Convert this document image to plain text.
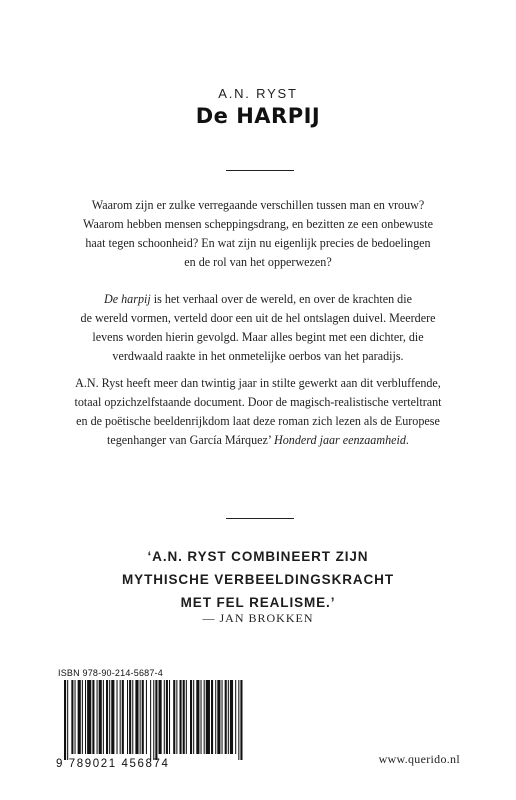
A.N. RYST
De HARPIJ

Waarom zijn er zulke verregaande verschillen tussen man en vrouw?
Waarom hebben mensen scheppingsdrang, en bezitten ze een onbewuste
haat tegen schoonheid? En wat zijn nu eigenlijk precies de bedoelingen
en de rol van het opperwezen?

De harpij is het verhaal over de wereld, en over de krachten die
de wereld vormen, verteld door een uit de hel ontslagen duivel. Meerdere
levens worden hierin gevolgd. Maar alles begint met een dichter, die
verdwaald raakte in het onmetelijke oerbos van het paradijs.

A.N. Ryst heeft meer dan twintig jaar in stilte gewerkt aan dit verbluffende,
totaal opzichzelfstaande document. Door de magisch-realistische verteltrant
en de poëtische beeldenrijkdom laat deze roman zich lezen als de Europese
tegenhanger van García Márquez’ Honderd jaar eenzaamheid.

‘A.N. RYST COMBINEERT ZIJN
MYTHISCHE VERBEELDINGSKRACHT
MET FEL REALISME.’
— JAN BROKKEN
ISBN 978-90-214-5687-4
9 789021 456874	www.querido.nl
